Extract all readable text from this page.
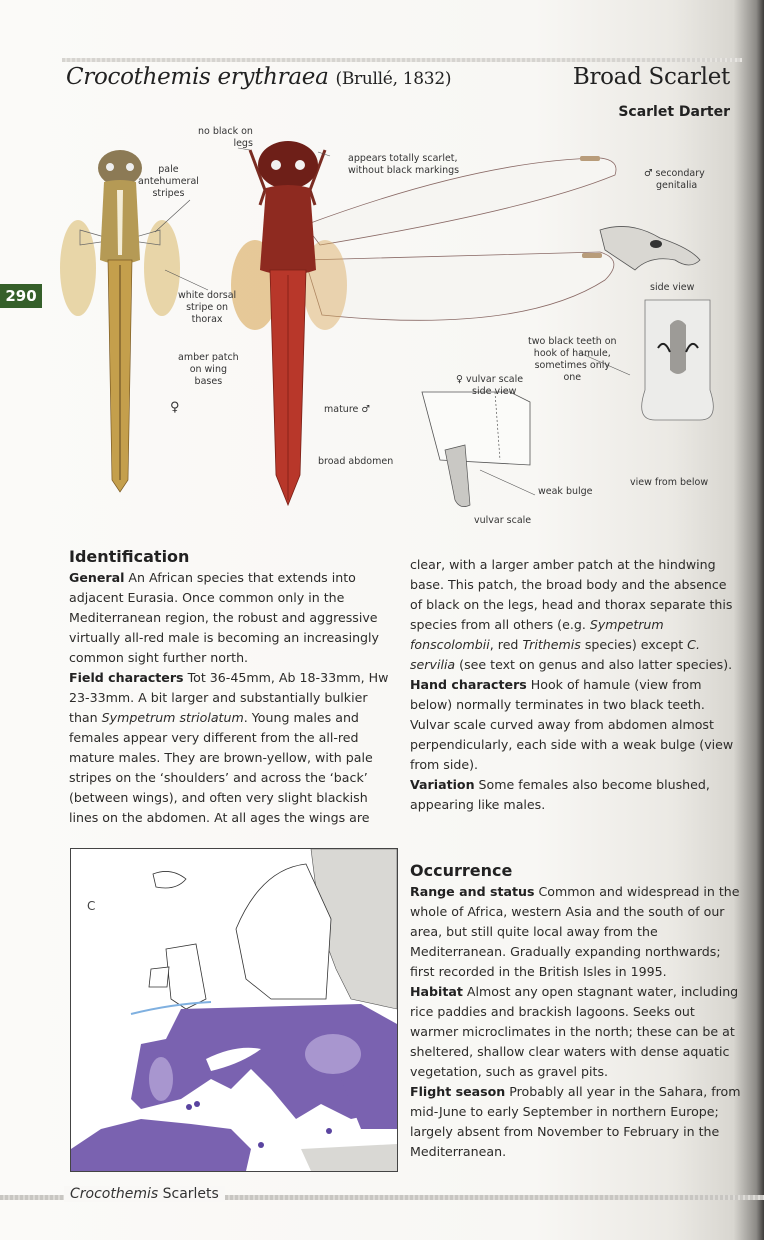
Crocothemis erythraea (Brullé, 1832)	Broad Scarlet
Scarlet Darter
290
no black on
legs
pale
antehumeral
stripes
appears totally scarlet,
without black markings
white dorsal
stripe on
thorax
amber patch
on wing
bases
♀	mature ♂
broad abdomen
♂ secondary
genitalia
side view
two black teeth on
hook of hamule,
sometimes only
one
♀ vulvar scale
side view
weak bulge
vulvar scale
view from below
Identification

General An African species that extends into adjacent Eurasia. Once common only in the Mediterranean region, the robust and aggressive virtually all-red male is becoming an increasingly common sight further north.

Field characters Tot 36-45mm, Ab 18-33mm, Hw 23-33mm. A bit larger and substantially bulkier than Sympetrum striolatum. Young males and females appear very different from the all-red mature males. They are brown-yellow, with pale stripes on the ‘shoulders’ and across the ‘back’ (between wings), and often very slight blackish lines on the abdomen. At all ages the wings are

clear, with a larger amber patch at the hindwing base. This patch, the broad body and the absence of black on the legs, head and thorax separate this species from all others (e.g. Sympetrum fonscolombii, red Trithemis species) except C. servilia (see text on genus and also latter species).

Hand characters Hook of hamule (view from below) normally terminates in two black teeth. Vulvar scale curved away from abdomen almost perpendicularly, each side with a weak bulge (view from side).

Variation Some females also become blushed, appearing like males.

Occurrence

Range and status Common and widespread in the whole of Africa, western Asia and the south of our area, but still quite local away from the Mediterranean. Gradually expanding northwards; first recorded in the British Isles in 1995.

Habitat Almost any open stagnant water, including rice paddies and brackish lagoons. Seeks out warmer microclimates in the north; these can be at sheltered, shallow clear waters with dense aquatic vegetation, such as gravel pits.

Flight season Probably all year in the Sahara, from mid-June to early September in northern Europe; largely absent from November to February in the Mediterranean.

C
Crocothemis Scarlets
